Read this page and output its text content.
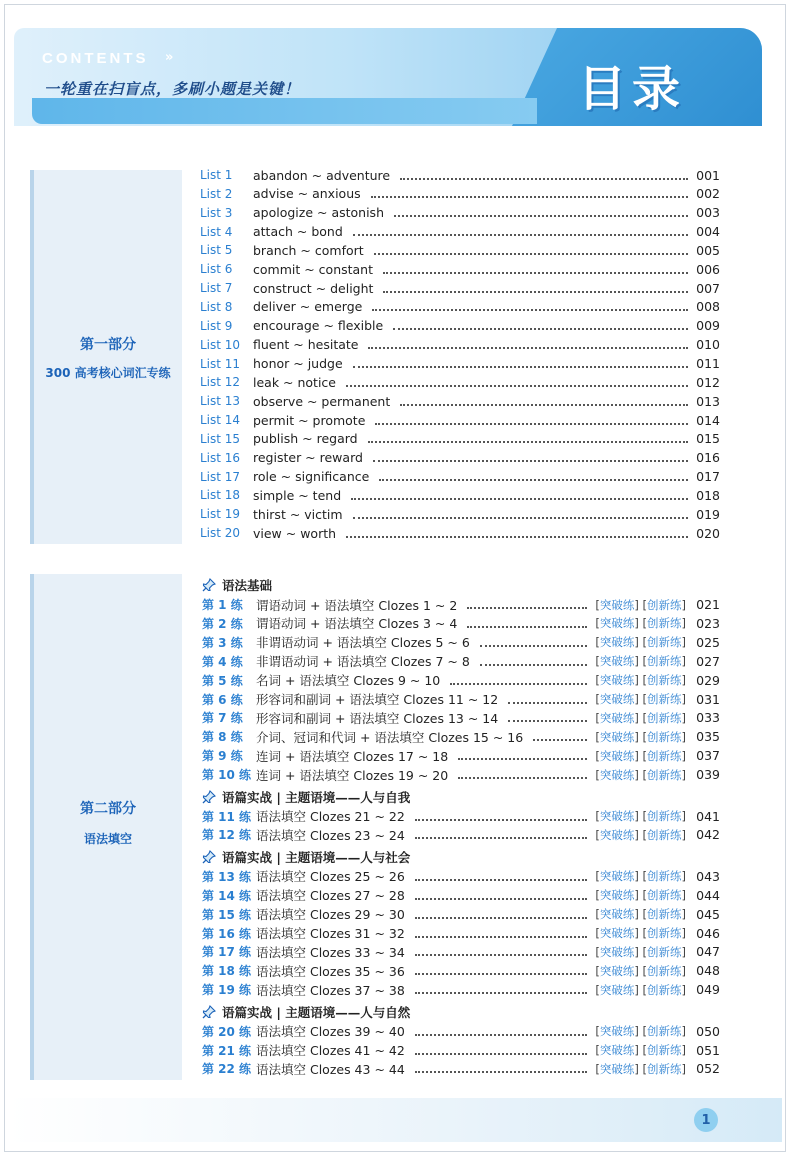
CONTENTS »
一轮重在扫盲点，多刷小题是关键！	目录
第一部分
300 高考核心词汇专练
List 1	abandon ~ adventure	001
List 2	advise ~ anxious	002
List 3	apologize ~ astonish	003
List 4	attach ~ bond	004
List 5	branch ~ comfort	005
List 6	commit ~ constant	006
List 7	construct ~ delight	007
List 8	deliver ~ emerge	008
List 9	encourage ~ flexible	009
List 10	fluent ~ hesitate	010
List 11	honor ~ judge	011
List 12	leak ~ notice	012
List 13	observe ~ permanent	013
List 14	permit ~ promote	014
List 15	publish ~ regard	015
List 16	register ~ reward	016
List 17	role ~ significance	017
List 18	simple ~ tend	018
List 19	thirst ~ victim	019
List 20	view ~ worth	020
第二部分
语法填空
语法基础
第 1 练	谓语动词 + 语法填空 Clozes 1 ~ 2	[突破练] [创新练] 021
第 2 练	谓语动词 + 语法填空 Clozes 3 ~ 4	[突破练] [创新练] 023
第 3 练	非谓语动词 + 语法填空 Clozes 5 ~ 6	[突破练] [创新练] 025
第 4 练	非谓语动词 + 语法填空 Clozes 7 ~ 8	[突破练] [创新练] 027
第 5 练	名词 + 语法填空 Clozes 9 ~ 10	[突破练] [创新练] 029
第 6 练	形容词和副词 + 语法填空 Clozes 11 ~ 12	[突破练] [创新练] 031
第 7 练	形容词和副词 + 语法填空 Clozes 13 ~ 14	[突破练] [创新练] 033
第 8 练	介词、冠词和代词 + 语法填空 Clozes 15 ~ 16	[突破练] [创新练] 035
第 9 练	连词 + 语法填空 Clozes 17 ~ 18	[突破练] [创新练] 037
第 10 练 连词 + 语法填空 Clozes 19 ~ 20	[突破练] [创新练] 039
语篇实战 | 主题语境——人与自我
第 11 练 语法填空 Clozes 21 ~ 22	[突破练] [创新练] 041
第 12 练 语法填空 Clozes 23 ~ 24	[突破练] [创新练] 042
语篇实战 | 主题语境——人与社会
第 13 练 语法填空 Clozes 25 ~ 26	[突破练] [创新练] 043
第 14 练 语法填空 Clozes 27 ~ 28	[突破练] [创新练] 044
第 15 练 语法填空 Clozes 29 ~ 30	[突破练] [创新练] 045
第 16 练 语法填空 Clozes 31 ~ 32	[突破练] [创新练] 046
第 17 练 语法填空 Clozes 33 ~ 34	[突破练] [创新练] 047
第 18 练 语法填空 Clozes 35 ~ 36	[突破练] [创新练] 048
第 19 练 语法填空 Clozes 37 ~ 38	[突破练] [创新练] 049
语篇实战 | 主题语境——人与自然
第 20 练 语法填空 Clozes 39 ~ 40	[突破练] [创新练] 050
第 21 练 语法填空 Clozes 41 ~ 42	[突破练] [创新练] 051
第 22 练 语法填空 Clozes 43 ~ 44	[突破练] [创新练] 052
1
